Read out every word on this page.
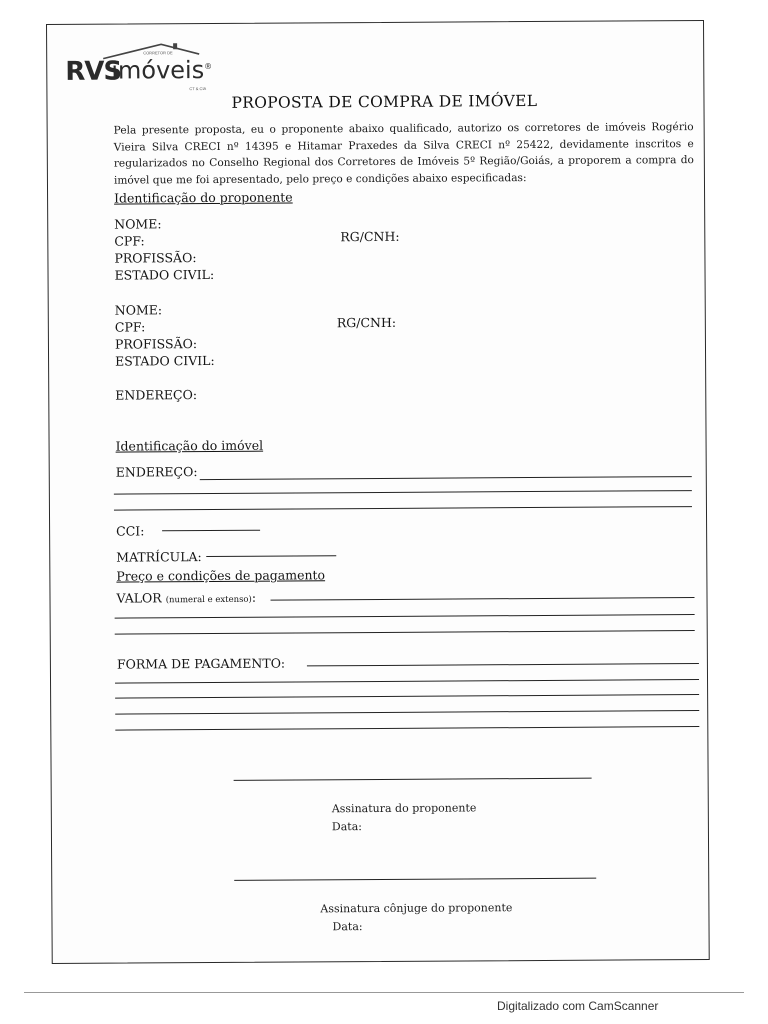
CORRETOR DE
RVS
imóveis®
CT & CIA
PROPOSTA DE COMPRA DE IMÓVEL
Pela presente proposta, eu o proponente abaixo qualificado, autorizo os corretores de imóveis Rogério Vieira Silva CRECI nº 14395 e Hitamar Praxedes da Silva CRECI nº 25422, devidamente inscritos e regularizados no Conselho Regional dos Corretores de Imóveis 5º Região/Goiás, a proporem a compra do imóvel que me foi apresentado, pelo preço e condições abaixo especificadas:
Identificação do proponente
NOME:
CPF:	RG/CNH:
PROFISSÃO:
ESTADO CIVIL:
NOME:
CPF:	RG/CNH:
PROFISSÃO:
ESTADO CIVIL:
ENDEREÇO:
Identificação do imóvel
ENDEREÇO:
CCI:
MATRÍCULA:
Preço e condições de pagamento
VALOR (numeral e extenso):
FORMA DE PAGAMENTO:
Assinatura do proponente
Data:
Assinatura cônjuge do proponente
Data:
Digitalizado com CamScanner
